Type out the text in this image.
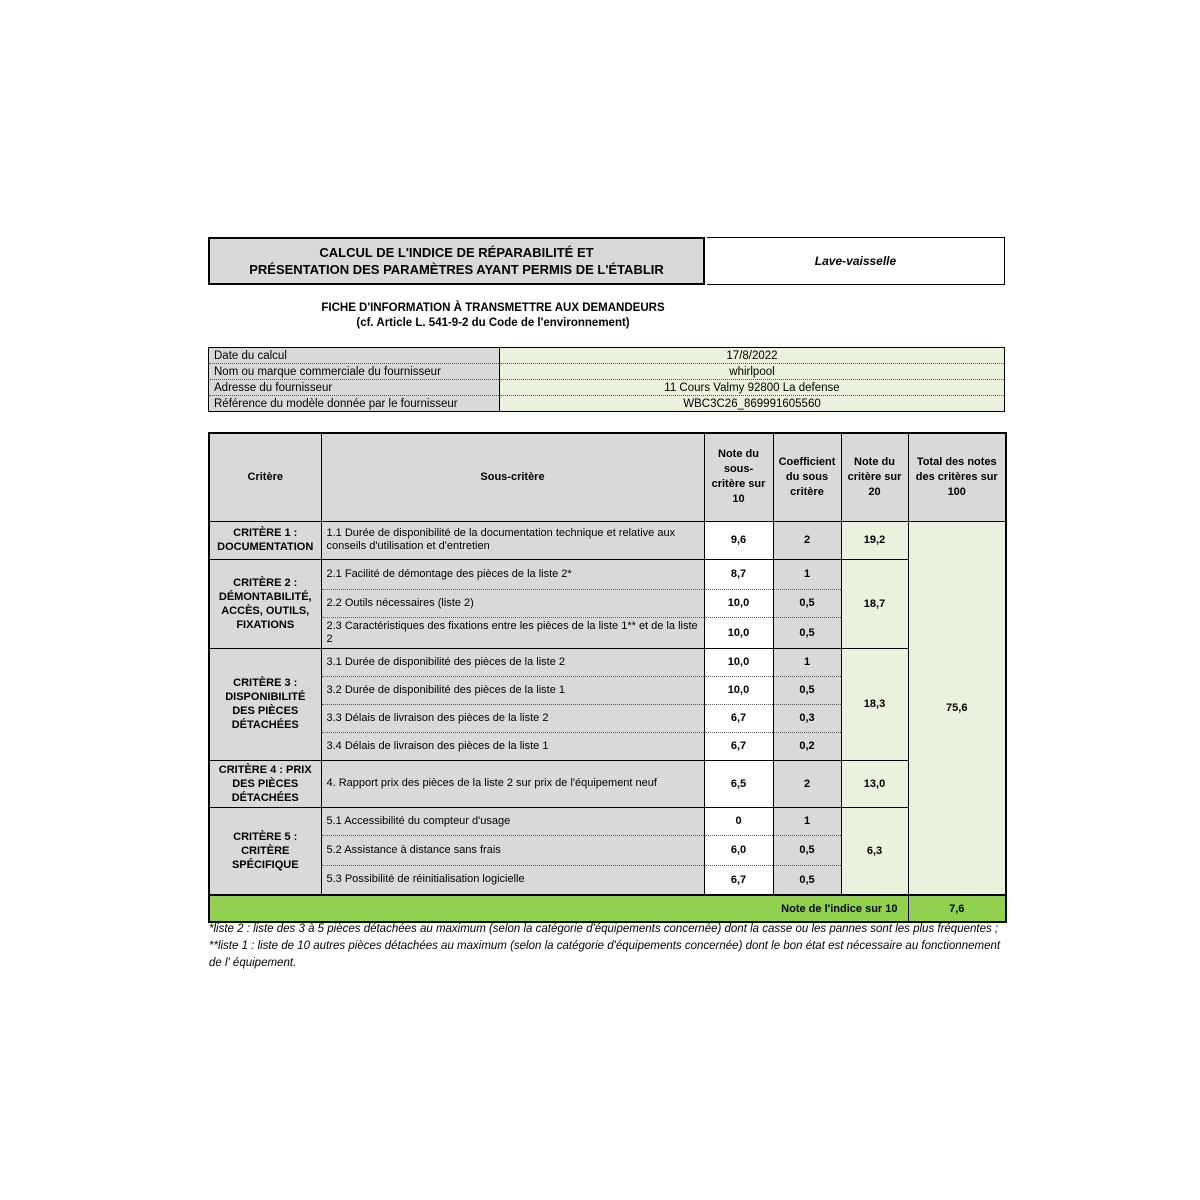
CALCUL DE L'INDICE DE RÉPARABILITÉ ET
PRÉSENTATION DES PARAMÈTRES AYANT PERMIS DE L'ÉTABLIR
Lave-vaisselle
FICHE D'INFORMATION À TRANSMETTRE AUX DEMANDEURS
(cf. Article L. 541-9-2 du Code de l'environnement)
Date du calcul	17/8/2022
Nom ou marque commerciale du fournisseur	whirlpool
Adresse du fournisseur	11 Cours Valmy 92800 La defense
Référence du modèle donnée par le fournisseur	WBC3C26_869991605560
Critère	Sous-critère	Note du sous-critère sur 10	Coefficient du sous critère	Note du critère sur 20	Total des notes des critères sur 100
CRITÈRE 1 : DOCUMENTATION	1.1 Durée de disponibilité de la documentation technique et relative aux conseils d'utilisation et d'entretien	9,6	2	19,2	75,6
CRITÈRE 2 : DÉMONTABILITÉ, ACCÈS, OUTILS, FIXATIONS	2.1 Facilité de démontage des pièces de la liste 2*	8,7	1	18,7	
	2.2 Outils nécessaires (liste 2)	10,0	0,5		
	2.3 Caractéristiques des fixations entre les pièces de la liste 1** et de la liste 2	10,0	0,5		
CRITÈRE 3 : DISPONIBILITÉ DES PIÈCES DÉTACHÉES	3.1 Durée de disponibilité des pièces de la liste 2	10,0	1	18,3	
	3.2 Durée de disponibilité des pièces de la liste 1	10,0	0,5		
	3.3 Délais de livraison des pièces de la liste 2	6,7	0,3		
	3.4 Délais de livraison des pièces de la liste 1	6,7	0,2		
CRITÈRE 4 : PRIX DES PIÈCES DÉTACHÉES	4. Rapport prix des pièces de la liste 2 sur prix de l'équipement neuf	6,5	2	13,0	
CRITÈRE 5 : CRITÈRE SPÉCIFIQUE	5.1 Accessibilité du compteur d'usage	0	1	6,3	
	5.2 Assistance à distance sans frais	6,0	0,5		
	5.3 Possibilité de réinitialisation logicielle	6,7	0,5		
Note de l'indice sur 10					7,6
*liste 2 : liste des 3 à 5 pièces détachées au maximum (selon la catégorie d'équipements concernée) dont la casse ou les pannes sont les plus fréquentes ;
**liste 1 : liste de 10 autres pièces détachées au maximum (selon la catégorie d'équipements concernée) dont le bon état est nécessaire au fonctionnement de l' équipement.
